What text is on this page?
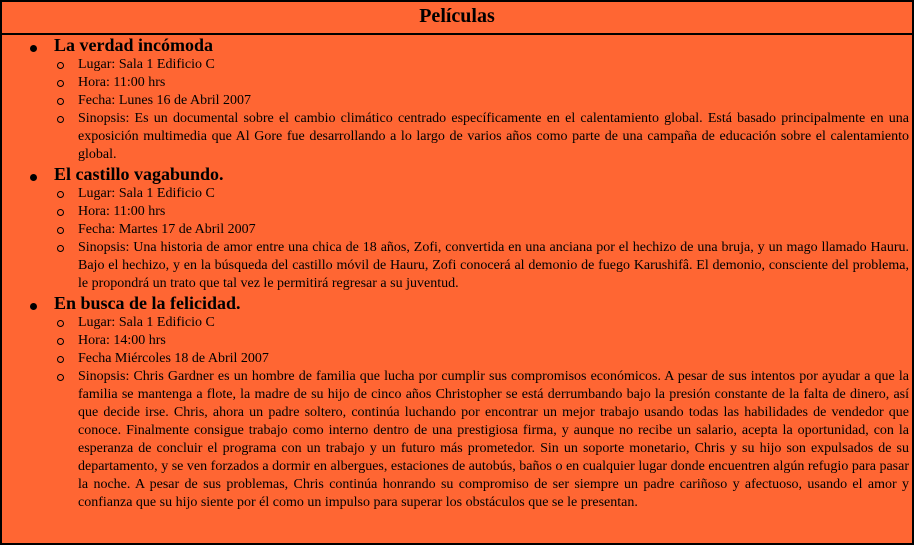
Películas
La verdad incómoda
Lugar: Sala 1 Edificio C
Hora: 11:00 hrs
Fecha: Lunes 16 de Abril 2007
Sinopsis: Es un documental sobre el cambio climático centrado específicamente en el calentamiento global. Está basado principalmente en una exposición multimedia que Al Gore fue desarrollando a lo largo de varios años como parte de una campaña de educación sobre el calentamiento global.
El castillo vagabundo.
Lugar: Sala 1 Edificio C
Hora: 11:00 hrs
Fecha: Martes 17 de Abril 2007
Sinopsis: Una historia de amor entre una chica de 18 años, Zofi, convertida en una anciana por el hechizo de una bruja, y un mago llamado Hauru. Bajo el hechizo, y en la búsqueda del castillo móvil de Hauru, Zofi conocerá al demonio de fuego Karushifâ. El demonio, consciente del problema, le propondrá un trato que tal vez le permitirá regresar a su juventud.
En busca de la felicidad.
Lugar: Sala 1 Edificio C
Hora: 14:00 hrs
Fecha Miércoles 18 de Abril 2007
Sinopsis: Chris Gardner es un hombre de familia que lucha por cumplir sus compromisos económicos. A pesar de sus intentos por ayudar a que la familia se mantenga a flote, la madre de su hijo de cinco años Christopher se está derrumbando bajo la presión constante de la falta de dinero, así que decide irse. Chris, ahora un padre soltero, continúa luchando por encontrar un mejor trabajo usando todas las habilidades de vendedor que conoce. Finalmente consigue trabajo como interno dentro de una prestigiosa firma, y aunque no recibe un salario, acepta la oportunidad, con la esperanza de concluir el programa con un trabajo y un futuro más prometedor. Sin un soporte monetario, Chris y su hijo son expulsados de su departamento, y se ven forzados a dormir en albergues, estaciones de autobús, baños o en cualquier lugar donde encuentren algún refugio para pasar la noche. A pesar de sus problemas, Chris continúa honrando su compromiso de ser siempre un padre cariñoso y afectuoso, usando el amor y confianza que su hijo siente por él como un impulso para superar los obstáculos que se le presentan.
